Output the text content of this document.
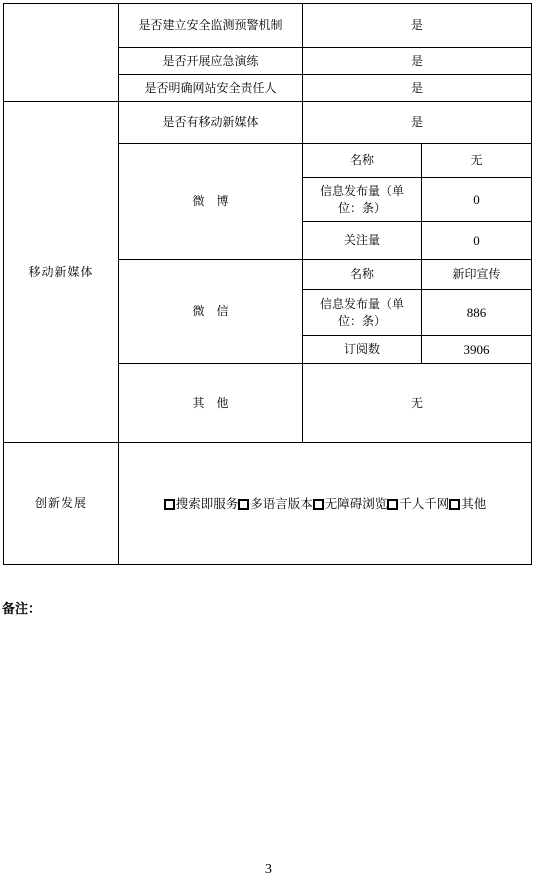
	是否建立安全监测预警机制	是	
	是否开展应急演练	是	
	是否明确网站安全责任人	是	
移动新媒体	是否有移动新媒体	是	
	微　博	名称	无
		信息发布量（单位：条）	0
		关注量	0
	微　信	名称	新印宣传
		信息发布量（单位：条）	886
		订阅数	3906
	其　他	无	
创新发展	搜索即服务 多语言版本 无障碍浏览 千人千网 其他		
备注：
3
